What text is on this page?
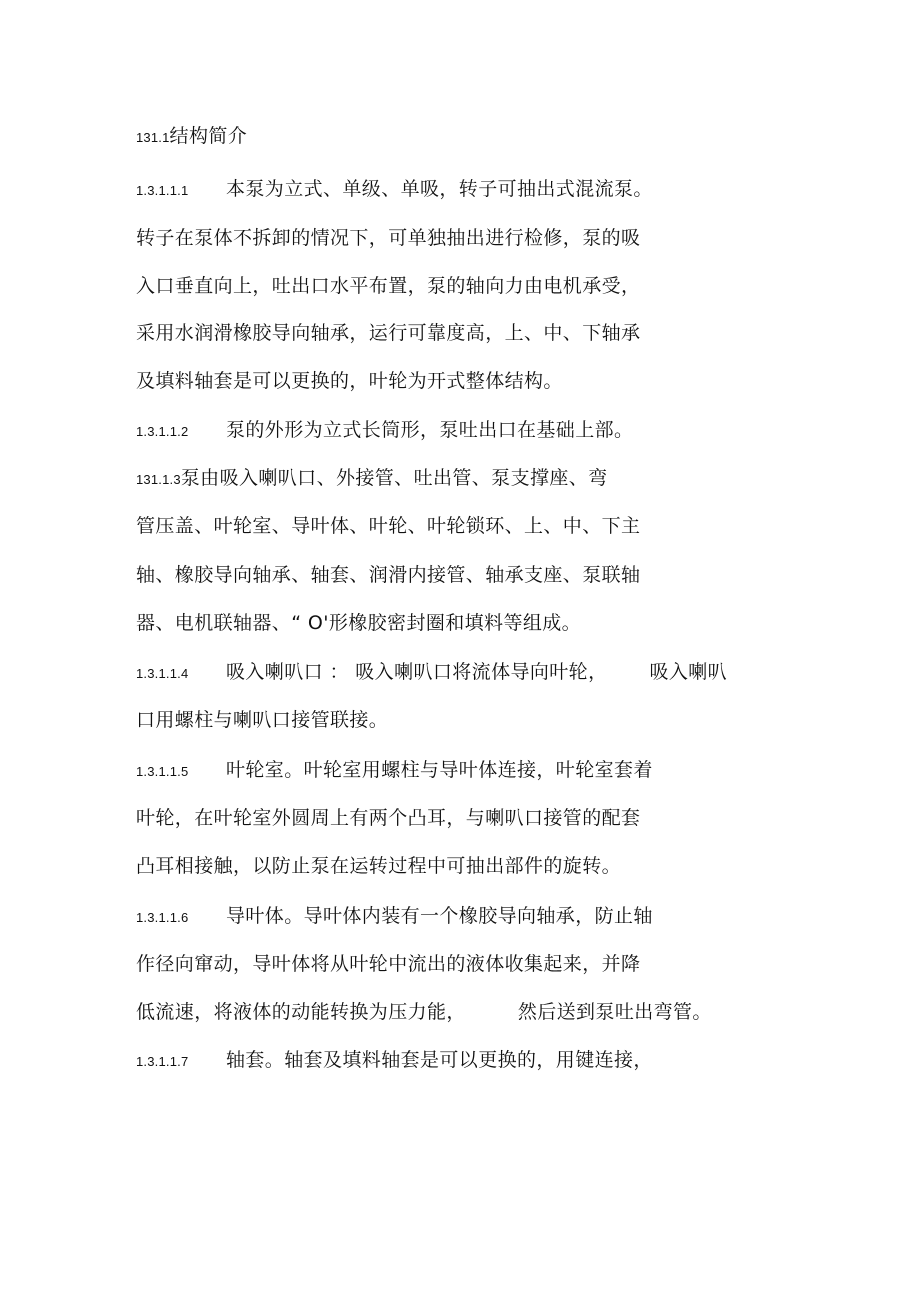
131.1结构简介
1.3.1.1.1 本泵为立式、单级、单吸，转子可抽出式混流泵。
转子在泵体不拆卸的情况下，可单独抽出进行检修，泵的吸
入口垂直向上，吐出口水平布置，泵的轴向力由电机承受，
采用水润滑橡胶导向轴承，运行可靠度高，上、中、下轴承
及填料轴套是可以更换的，叶轮为开式整体结构。
1.3.1.1.2 泵的外形为立式长筒形，泵吐出口在基础上部。
131.1.3泵由吸入喇叭口、外接管、吐出管、泵支撑座、弯
管压盖、叶轮室、导叶体、叶轮、叶轮锁环、上、中、下主
轴、橡胶导向轴承、轴套、润滑内接管、轴承支座、泵联轴
器、电机联轴器、“ O'形橡胶密封圈和填料等组成。
1.3.1.1.4 吸入喇叭口 ： 吸入喇叭口将流体导向叶轮， 吸入喇叭
口用螺柱与喇叭口接管联接。
1.3.1.1.5 叶轮室。叶轮室用螺柱与导叶体连接，叶轮室套着
叶轮，在叶轮室外圆周上有两个凸耳，与喇叭口接管的配套
凸耳相接触，以防止泵在运转过程中可抽出部件的旋转。
1.3.1.1.6 导叶体。导叶体内装有一个橡胶导向轴承，防止轴
作径向窜动，导叶体将从叶轮中流出的液体收集起来，并降
低流速，将液体的动能转换为压力能，	然后送到泵吐出弯管。
1.3.1.1.7 轴套。轴套及填料轴套是可以更换的，用键连接，
